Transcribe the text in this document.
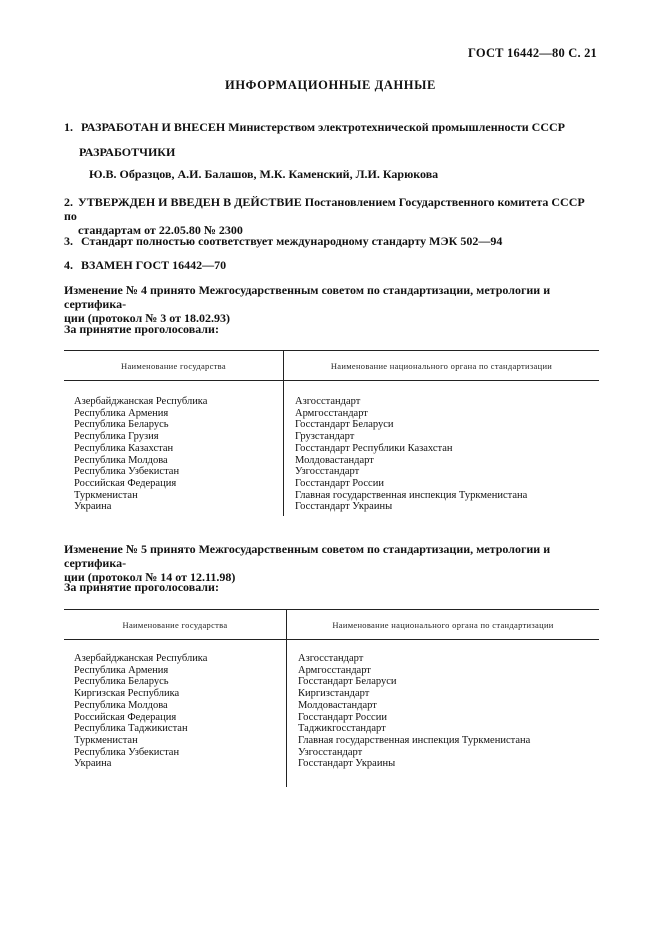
ГОСТ 16442—80 С. 21
ИНФОРМАЦИОННЫЕ ДАННЫЕ
1. РАЗРАБОТАН И ВНЕСЕН Министерством электротехнической промышленности СССР
РАЗРАБОТЧИКИ
Ю.В. Образцов, А.И. Балашов, М.К. Каменский, Л.И. Карюкова
2. УТВЕРЖДЕН И ВВЕДЕН В ДЕЙСТВИЕ Постановлением Государственного комитета СССР по
стандартам от 22.05.80 № 2300
3. Стандарт полностью соответствует международному стандарту МЭК 502—94
4. ВЗАМЕН ГОСТ 16442—70
Изменение № 4 принято Межгосударственным советом по стандартизации, метрологии и сертифика-
ции (протокол № 3 от 18.02.93)
За принятие проголосовали:
Наименование государства	Наименование национального органа по стандартизации
Азербайджанская Республика
Республика Армения
Республика Беларусь
Республика Грузия
Республика Казахстан
Республика Молдова
Республика Узбекистан
Российская Федерация
Туркменистан
Украина
Азгосстандарт
Армгосстандарт
Госстандарт Беларуси
Грузстандарт
Госстандарт Республики Казахстан
Молдовастандарт
Узгосстандарт
Госстандарт России
Главная государственная инспекция Туркменистана
Госстандарт Украины
Изменение № 5 принято Межгосударственным советом по стандартизации, метрологии и сертифика-
ции (протокол № 14 от 12.11.98)
За принятие проголосовали:
Наименование государства	Наименование национального органа по стандартизации
Азербайджанская Республика
Республика Армения
Республика Беларусь
Киргизская Республика
Республика Молдова
Российская Федерация
Республика Таджикистан
Туркменистан
Республика Узбекистан
Украина
Азгосстандарт
Армгосстандарт
Госстандарт Беларуси
Киргизстандарт
Молдовастандарт
Госстандарт России
Таджикгосстандарт
Главная государственная инспекция Туркменистана
Узгосстандарт
Госстандарт Украины
